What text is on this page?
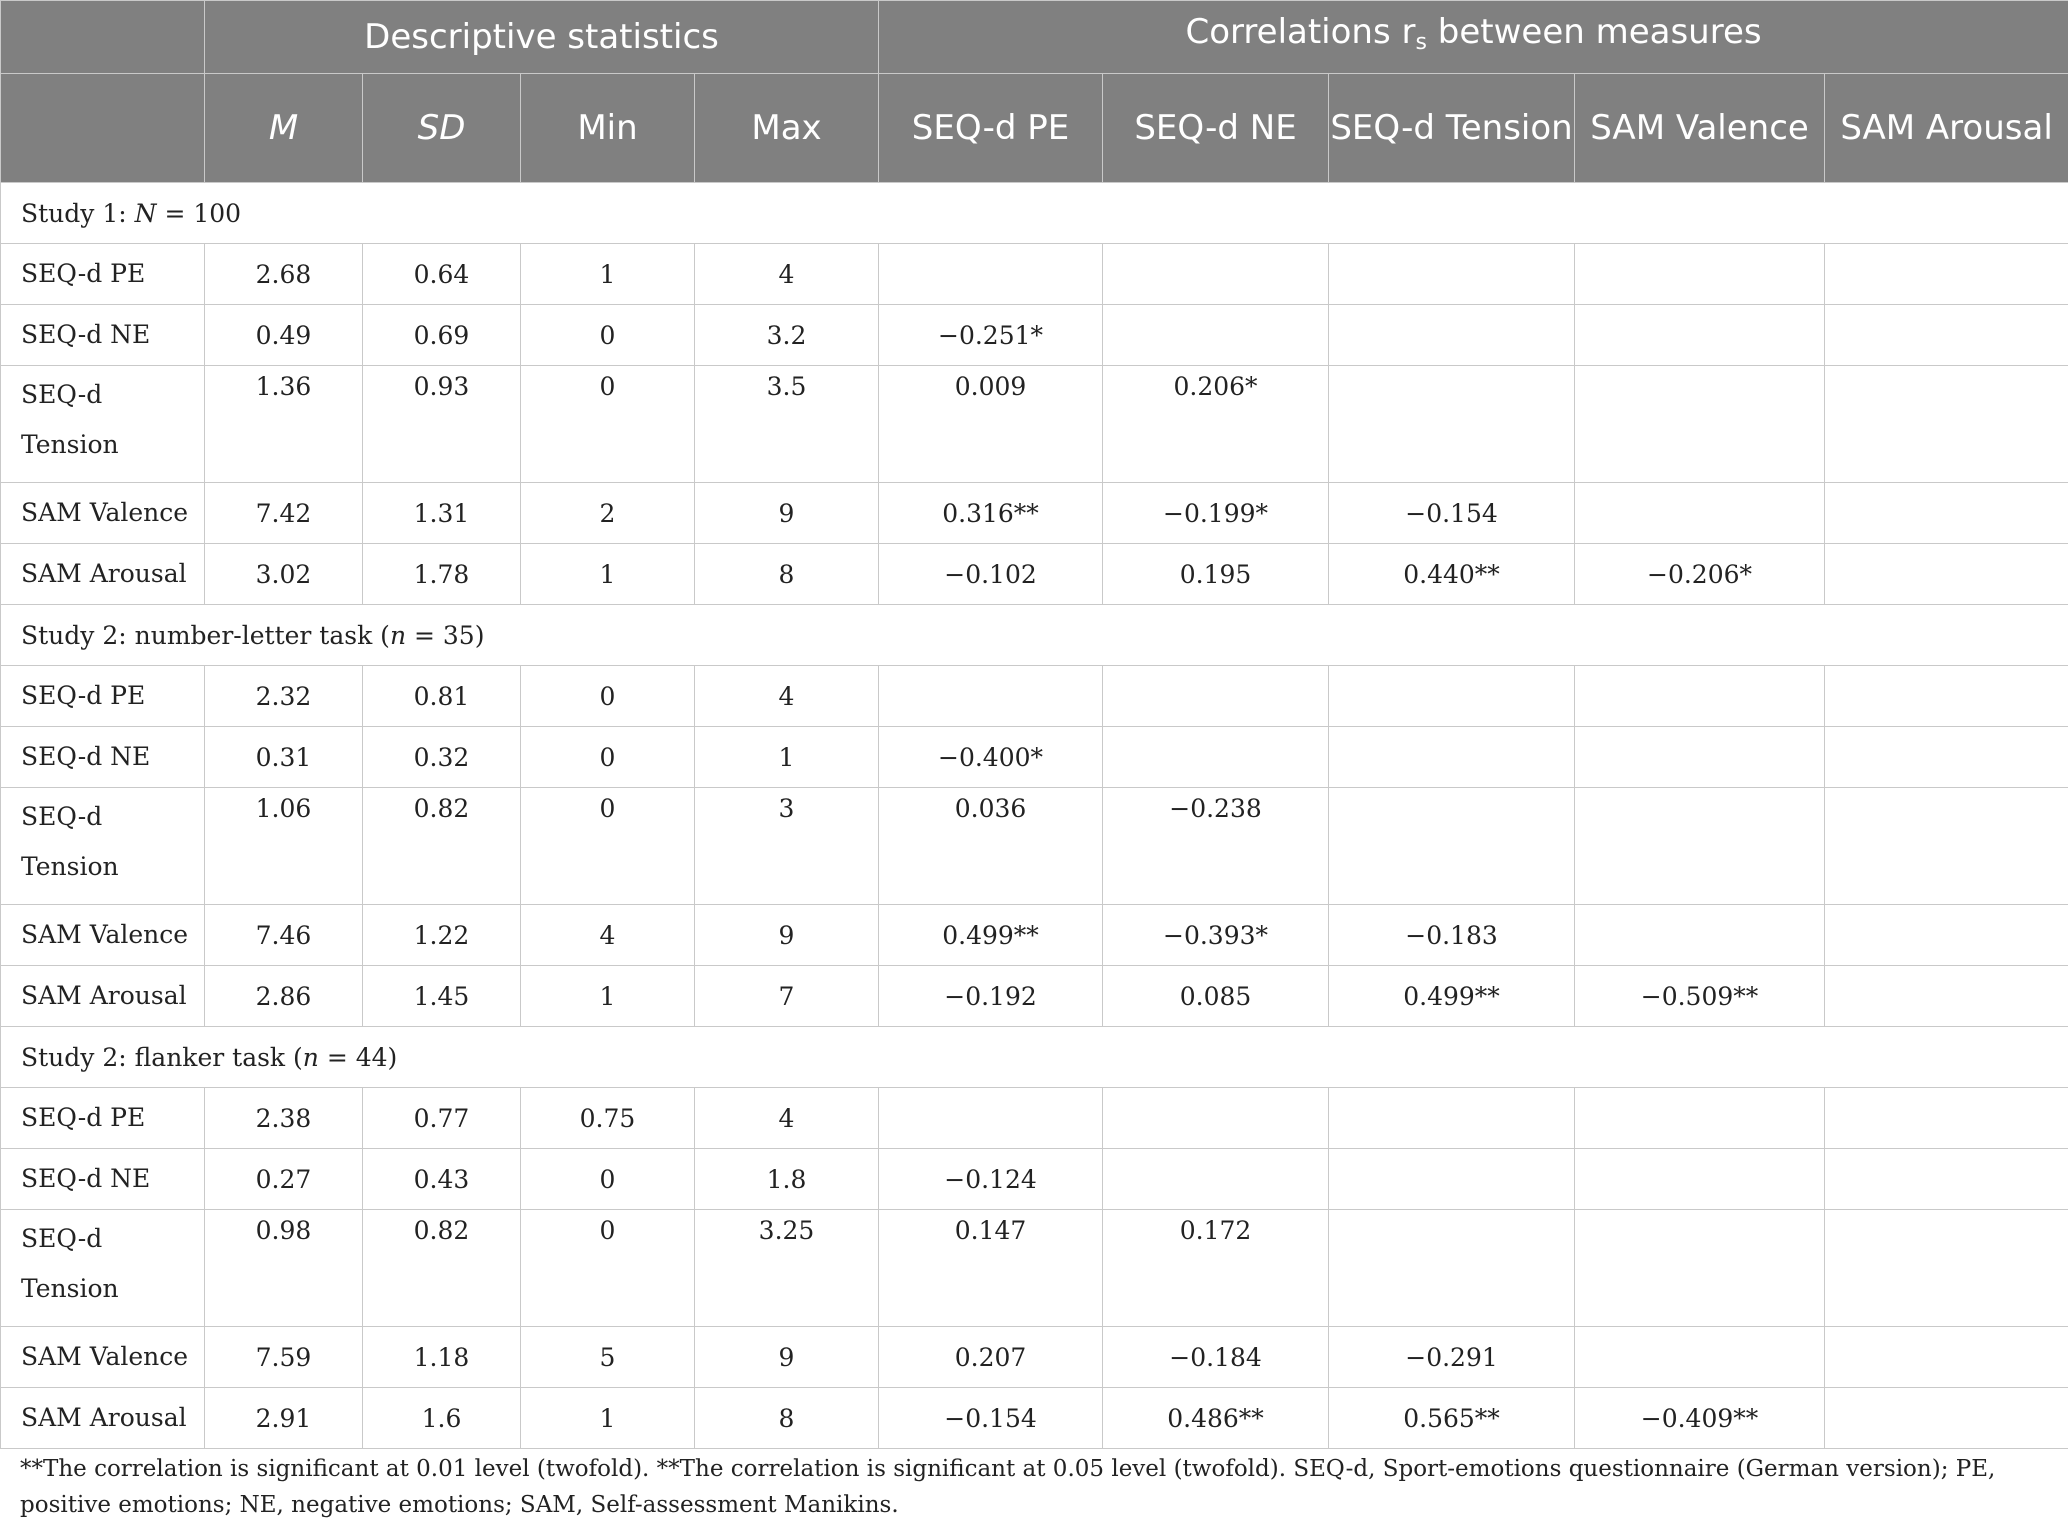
	Descriptive statistics				Correlations rs between measures				
	M	SD	Min	Max	SEQ-d PE	SEQ-d NE	SEQ-d Tension	SAM Valence	SAM Arousal
Study 1: N = 100									
SEQ-d PE	2.68	0.64	1	4					
SEQ-d NE	0.49	0.69	0	3.2	−0.251*				
SEQ-d Tension	1.36	0.93	0	3.5	0.009	0.206*			
SAM Valence	7.42	1.31	2	9	0.316**	−0.199*	−0.154		
SAM Arousal	3.02	1.78	1	8	−0.102	0.195	0.440**	−0.206*	
Study 2: number-letter task (n = 35)									
SEQ-d PE	2.32	0.81	0	4					
SEQ-d NE	0.31	0.32	0	1	−0.400*				
SEQ-d Tension	1.06	0.82	0	3	0.036	−0.238			
SAM Valence	7.46	1.22	4	9	0.499**	−0.393*	−0.183		
SAM Arousal	2.86	1.45	1	7	−0.192	0.085	0.499**	−0.509**	
Study 2: flanker task (n = 44)									
SEQ-d PE	2.38	0.77	0.75	4					
SEQ-d NE	0.27	0.43	0	1.8	−0.124				
SEQ-d Tension	0.98	0.82	0	3.25	0.147	0.172			
SAM Valence	7.59	1.18	5	9	0.207	−0.184	−0.291		
SAM Arousal	2.91	1.6	1	8	−0.154	0.486**	0.565**	−0.409**	
**The correlation is significant at 0.01 level (twofold). **The correlation is significant at 0.05 level (twofold). SEQ-d, Sport-emotions questionnaire (German version); PE, positive emotions; NE, negative emotions; SAM, Self-assessment Manikins.
